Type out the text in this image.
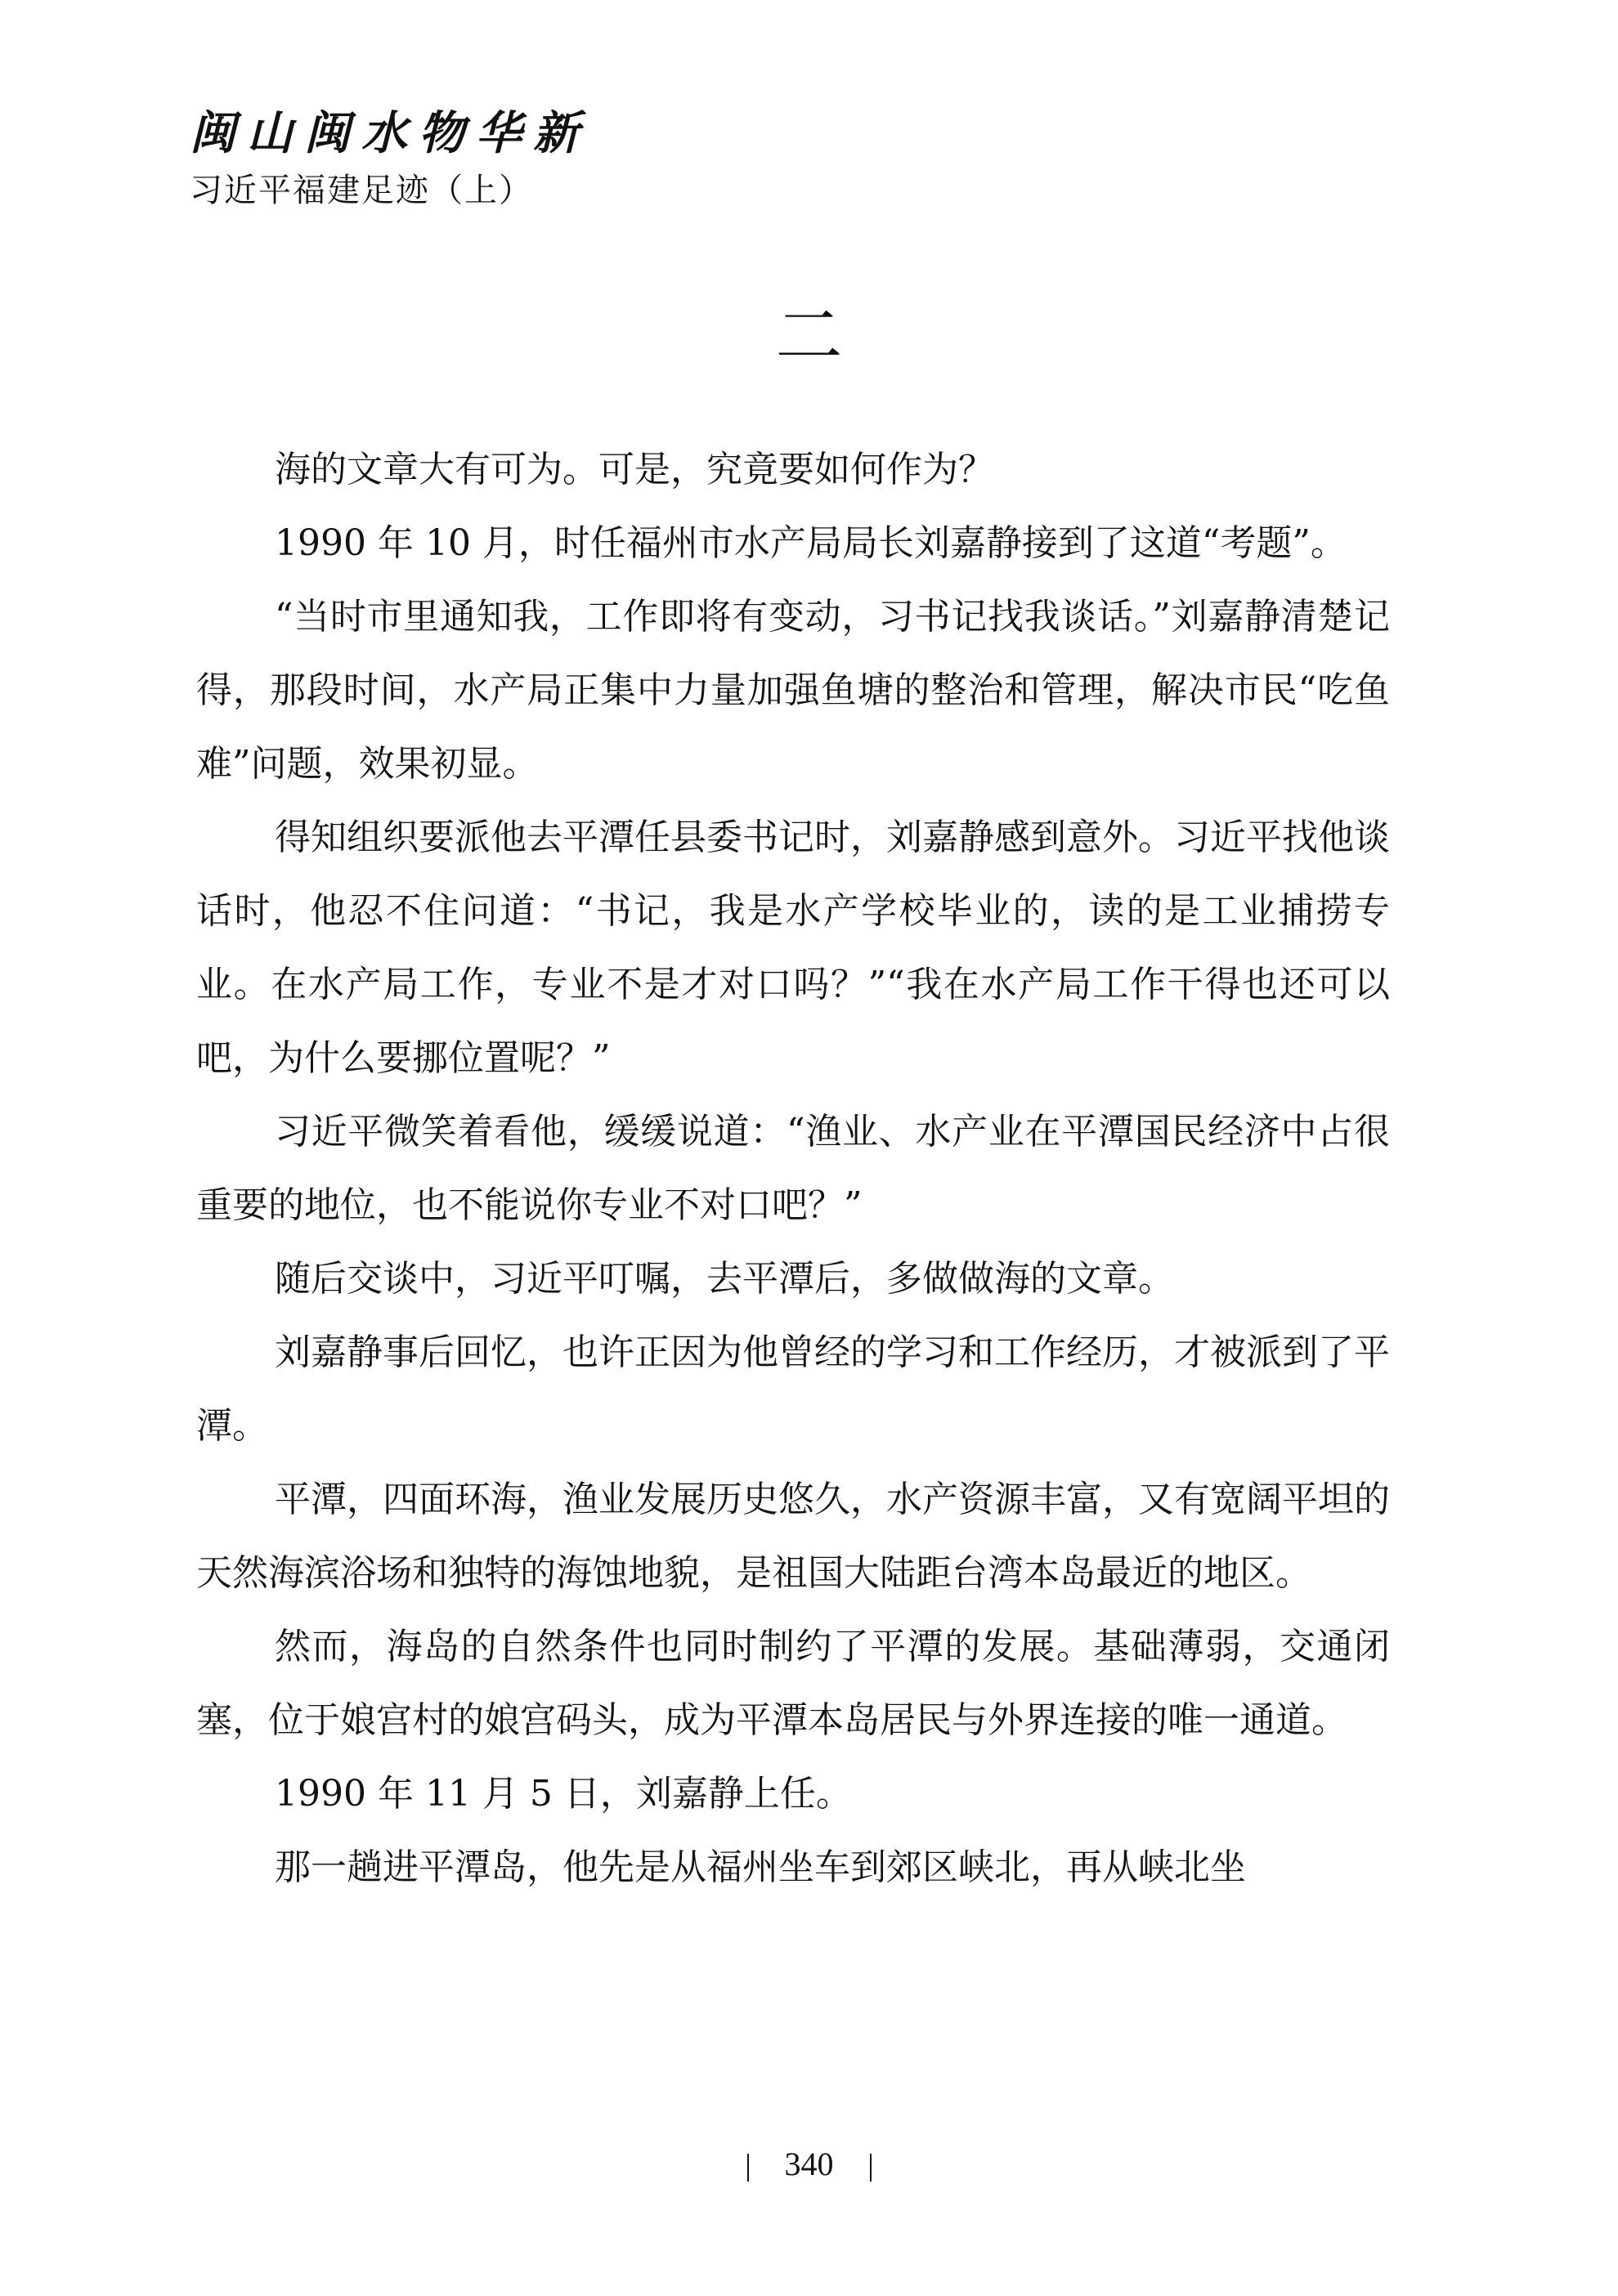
闽山闽水物华新
习近平福建足迹（上）
二

海的文章大有可为。可是，究竟要如何作为？

1990 年 10 月，时任福州市水产局局长刘嘉静接到了这道“考题”。

“当时市里通知我，工作即将有变动，习书记找我谈话。”刘嘉静清楚记得，那段时间，水产局正集中力量加强鱼塘的整治和管理，解决市民“吃鱼难”问题，效果初显。

得知组织要派他去平潭任县委书记时，刘嘉静感到意外。习近平找他谈话时，他忍不住问道：“书记，我是水产学校毕业的，读的是工业捕捞专业。在水产局工作，专业不是才对口吗？”“我在水产局工作干得也还可以吧，为什么要挪位置呢？”

习近平微笑着看他，缓缓说道：“渔业、水产业在平潭国民经济中占很重要的地位，也不能说你专业不对口吧？”

随后交谈中，习近平叮嘱，去平潭后，多做做海的文章。

刘嘉静事后回忆，也许正因为他曾经的学习和工作经历，才被派到了平潭。

平潭，四面环海，渔业发展历史悠久，水产资源丰富，又有宽阔平坦的天然海滨浴场和独特的海蚀地貌，是祖国大陆距台湾本岛最近的地区。

然而，海岛的自然条件也同时制约了平潭的发展。基础薄弱，交通闭塞，位于娘宫村的娘宫码头，成为平潭本岛居民与外界连接的唯一通道。

1990 年 11 月 5 日，刘嘉静上任。

那一趟进平潭岛，他先是从福州坐车到郊区峡北，再从峡北坐

340
